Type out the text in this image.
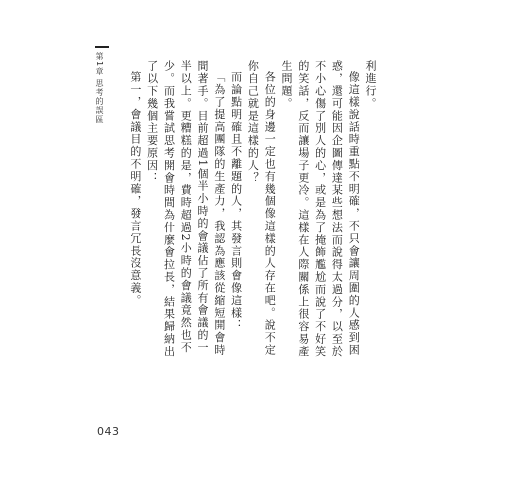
第1章
思考的誤區	利進行。

像這樣說話時重點不明確，不只會讓周圍的人感到困惑，還可能因企圖傳達某些想法而說得太過分，以至於不小心傷了別人的心，或是為了掩飾尷尬而說了不好笑的笑話，反而讓場子更冷。這樣在人際關係上很容易產生問題。

各位的身邊一定也有幾個像這樣的人存在吧。說不定你自己就是這樣的人？

而論點明確且不離題的人，其發言則會像這樣：

「為了提高團隊的生產力，我認為應該從縮短開會時間著手。目前超過1個半小時的會議佔了所有會議的一半以上。更糟糕的是，費時超過2小時的會議竟然也不少。而我嘗試思考開會時間為什麼會拉長，結果歸納出了以下幾個主要原因：

第一，會議目的不明確，發言冗長沒意義。

043
